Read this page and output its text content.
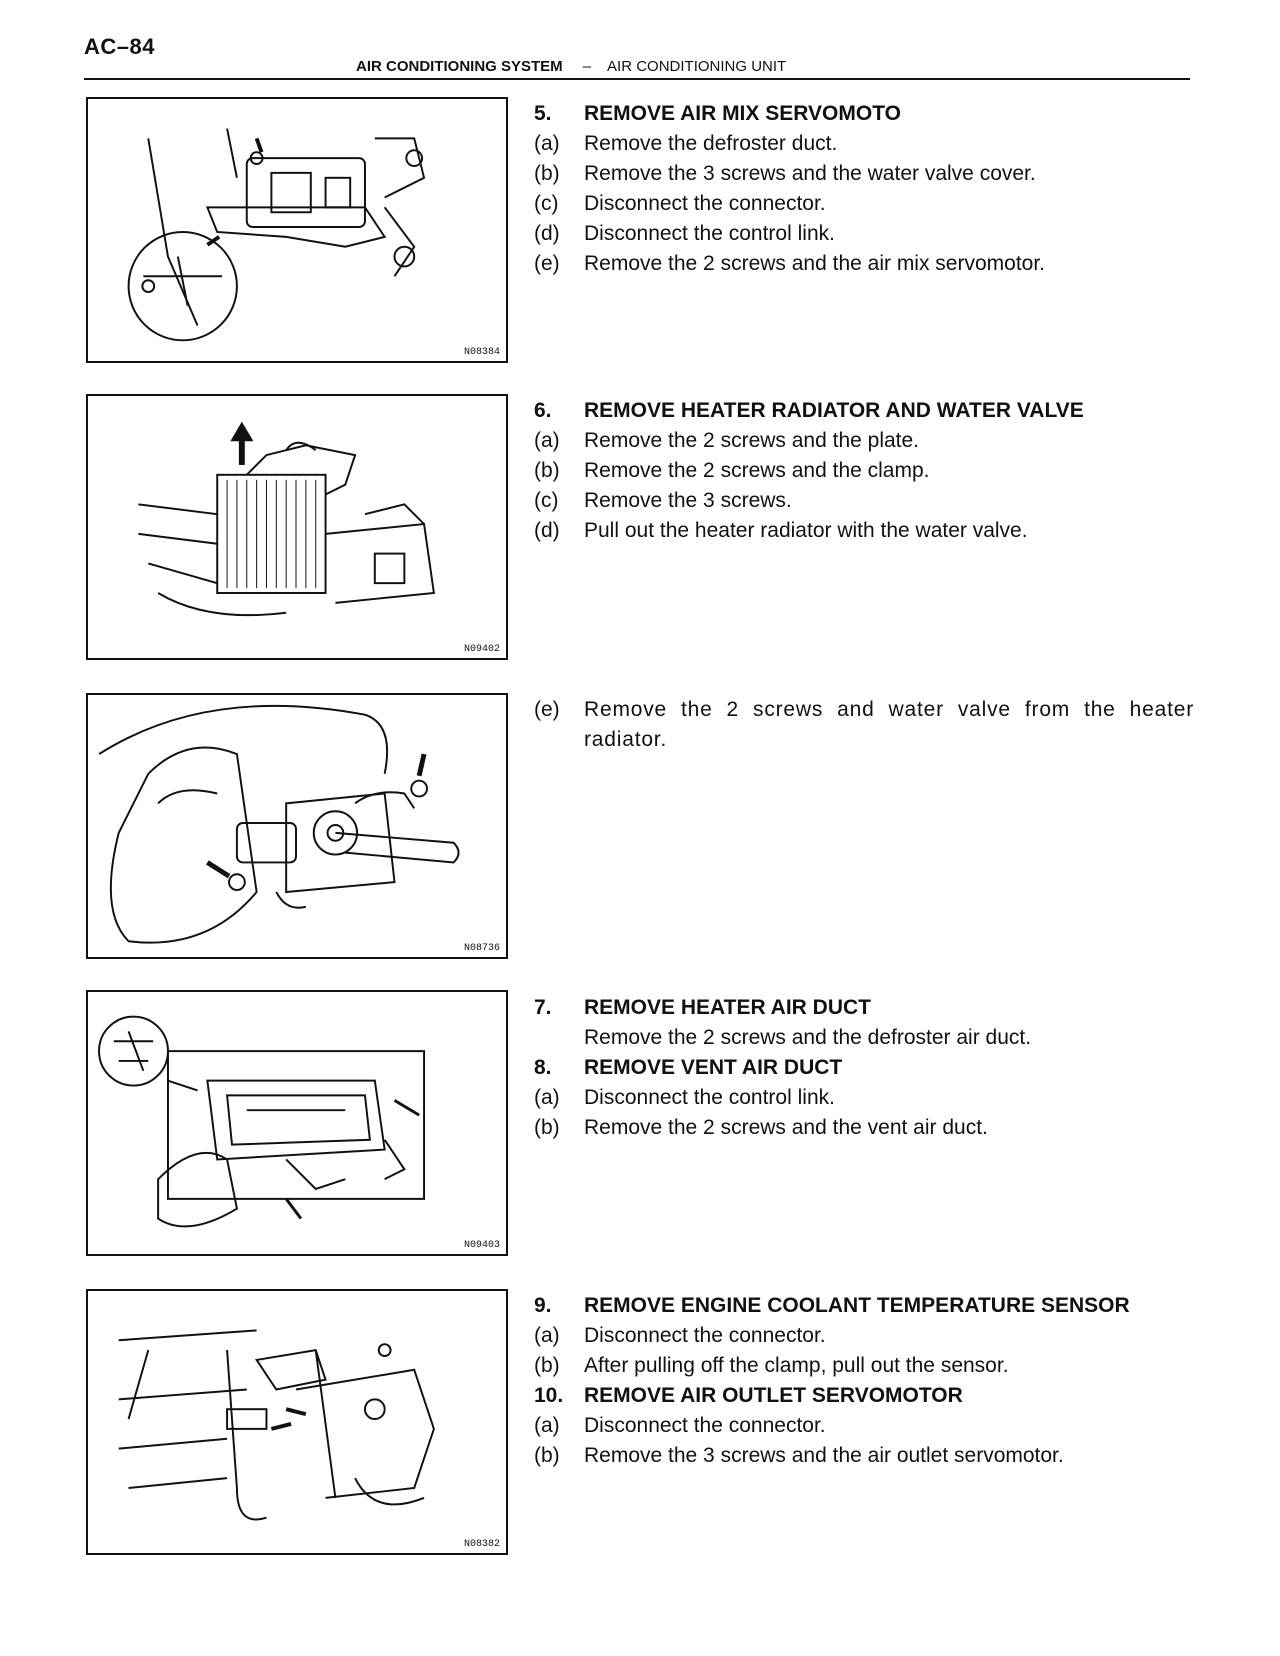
AC–84
AIR CONDITIONING SYSTEM – AIR CONDITIONING UNIT
N08384
N09402
N08736
N09403
N08382
5.	REMOVE AIR MIX SERVOMOTO
(a)	Remove the defroster duct.
(b)	Remove the 3 screws and the water valve cover.
(c)	Disconnect the connector.
(d)	Disconnect the control link.
(e)	Remove the 2 screws and the air mix servomotor.
6.	REMOVE HEATER RADIATOR AND WATER VALVE
(a)	Remove the 2 screws and the plate.
(b)	Remove the 2 screws and the clamp.
(c)	Remove the 3 screws.
(d)	Pull out the heater radiator with the water valve.
(e)	Remove the 2 screws and water valve from the heater radiator.
7.	REMOVE HEATER AIR DUCT
Remove the 2 screws and the defroster air duct.
8.	REMOVE VENT AIR DUCT
(a)	Disconnect the control link.
(b)	Remove the 2 screws and the vent air duct.
9.	REMOVE ENGINE COOLANT TEMPERATURE SENSOR
(a)	Disconnect the connector.
(b)	After pulling off the clamp, pull out the sensor.
10. REMOVE AIR OUTLET SERVOMOTOR
(a)	Disconnect the connector.
(b)	Remove the 3 screws and the air outlet servomotor.
